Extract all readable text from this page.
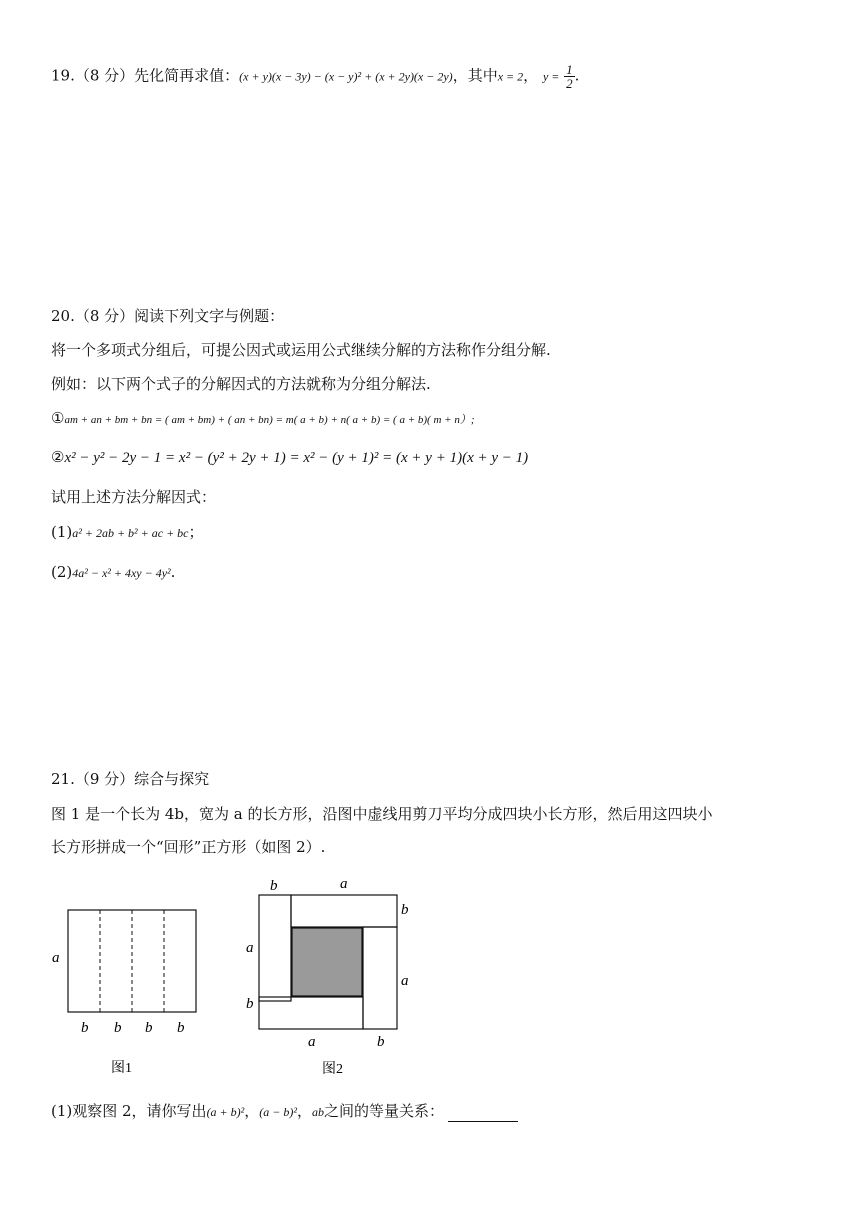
19.（8 分）先化简再求值：(x + y)(x − 3y) − (x − y)² + (x + 2y)(x − 2y)，其中x = 2， $y = \frac{1}{2}$ .
20.（8 分）阅读下列文字与例题：
将一个多项式分组后，可提公因式或运用公式继续分解的方法称作分组分解.
例如：以下两个式子的分解因式的方法就称为分组分解法.
①am + an + bm + bn = ( am + bm) + ( an + bn) = m( a + b) + n( a + b) = ( a + b)( m + n）;
②x² − y² − 2y − 1 = x² − (y² + 2y + 1) = x² − (y + 1)² = (x + y + 1)(x + y − 1)
试用上述方法分解因式：
(1)a² + 2ab + b² + ac + bc；
(2)4a² − x² + 4xy − 4y².
21.（9 分）综合与探究
图 1 是一个长为 4b，宽为 a 的长方形，沿图中虚线用剪刀平均分成四块小长方形，然后用这四块小
长方形拼成一个“回形”正方形（如图 2）.
a
b b b b
图1
b	a
b
a
a
b
a	b
图2
(1)观察图 2，请你写出(a + b)²，(a − b)²，ab之间的等量关系：
